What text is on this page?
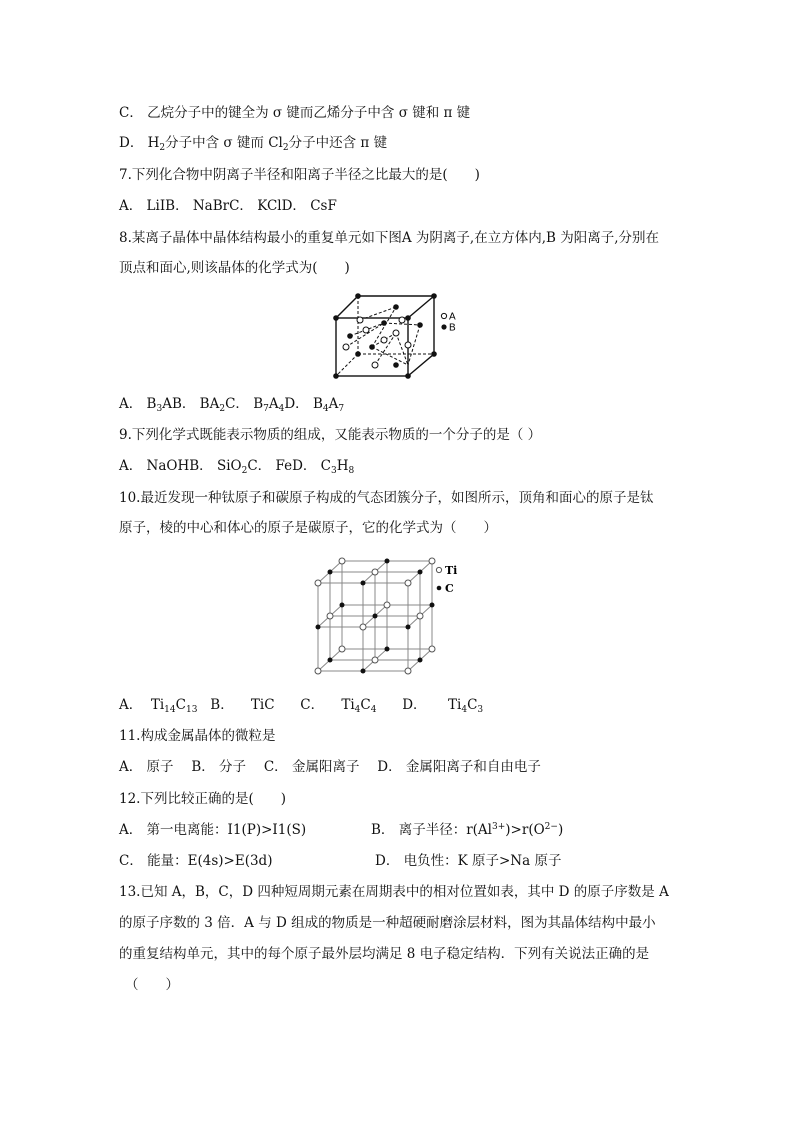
C． 乙烷分子中的键全为 σ 键而乙烯分子中含 σ 键和 π 键
D． $H_2$分子中含 σ 键而 $Cl_2$分子中还含 π 键
7.下列化合物中阴离子半径和阳离子半径之比最大的是(　　)
A． LiIB． NaBrC． KClD． CsF
8.某离子晶体中晶体结构最小的重复单元如下图A 为阴离子,在立方体内,B 为阳离子,分别在
顶点和面心,则该晶体的化学式为(　　)
A
B
A． $B_3AB$． $BA_2C$． $B_7A_4D$． $B_4A_7$
9.下列化学式既能表示物质的组成，又能表示物质的一个分子的是（ ）
A． NaOHB． SiO$_2$C． FeD． $C_3H_8$
10.最近发现一种钛原子和碳原子构成的气态团簇分子，如图所示，顶角和面心的原子是钛
原子，棱的中心和体心的原子是碳原子，它的化学式为（　　）
Ti
C
A． $Ti_{14}C_{13}$ B． TiC C． $Ti_4C_4$ D． $Ti_4C_3$
11.构成金属晶体的微粒是
A． 原子　 B． 分子　 C． 金属阳离子　 D． 金属阳离子和自由电子
12.下列比较正确的是(　　)
A． 第一电离能：I1(P)>I1(S)	B． 离子半径：$r(Al^{3+})>r(O^{2-})$
C． 能量：E(4s)>E(3d)	D． 电负性：K 原子>Na 原子
13.已知 A，B，C，D 四种短周期元素在周期表中的相对位置如表，其中 D 的原子序数是 A
的原子序数的 3 倍．A 与 D 组成的物质是一种超硬耐磨涂层材料，图为其晶体结构中最小
的重复结构单元，其中的每个原子最外层均满足 8 电子稳定结构．下列有关说法正确的是
（　　）
